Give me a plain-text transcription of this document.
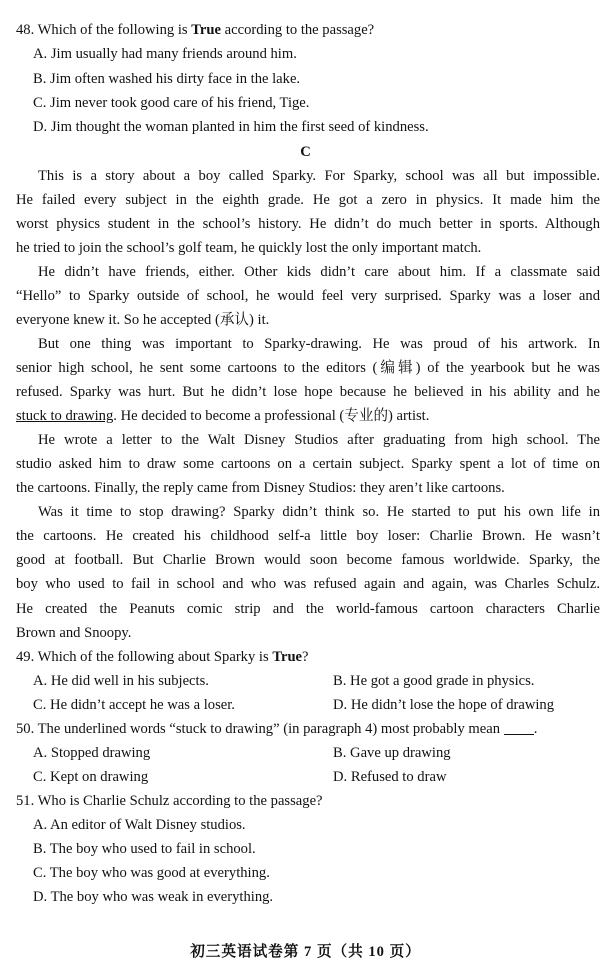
48. Which of the following is True according to the passage?
A. Jim usually had many friends around him.
B. Jim often washed his dirty face in the lake.
C. Jim never took good care of his friend, Tige.
D. Jim thought the woman planted in him the first seed of kindness.
C
This is a story about a boy called Sparky. For Sparky, school was all but impossible.
He failed every subject in the eighth grade. He got a zero in physics. It made him the
worst physics student in the school’s history. He didn’t do much better in sports. Although
he tried to join the school’s golf team, he quickly lost the only important match.
He didn’t have friends, either. Other kids didn’t care about him. If a classmate said
“Hello” to Sparky outside of school, he would feel very surprised. Sparky was a loser and
everyone knew it. So he accepted (承认) it.
But one thing was important to Sparky-drawing. He was proud of his artwork. In
senior high school, he sent some cartoons to the editors (编辑) of the yearbook but he was
refused. Sparky was hurt. But he didn’t lose hope because he believed in his ability and he
stuck to drawing. He decided to become a professional (专业的) artist.
He wrote a letter to the Walt Disney Studios after graduating from high school. The
studio asked him to draw some cartoons on a certain subject. Sparky spent a lot of time on
the cartoons. Finally, the reply came from Disney Studios: they aren’t like cartoons.
Was it time to stop drawing? Sparky didn’t think so. He started to put his own life in
the cartoons. He created his childhood self-a little boy loser: Charlie Brown. He wasn’t
good at football. But Charlie Brown would soon become famous worldwide. Sparky, the
boy who used to fail in school and who was refused again and again, was Charles Schulz.
He created the Peanuts comic strip and the world-famous cartoon characters Charlie
Brown and Snoopy.
49. Which of the following about Sparky is True?
A. He did well in his subjects.	B. He got a good grade in physics.
C. He didn’t accept he was a loser.	D. He didn’t lose the hope of drawing
50. The underlined words “stuck to drawing” (in paragraph 4) most probably mean .
A. Stopped drawing	B. Gave up drawing
C. Kept on drawing	D. Refused to draw
51. Who is Charlie Schulz according to the passage?
A. An editor of Walt Disney studios.
B. The boy who used to fail in school.
C. The boy who was good at everything.
D. The boy who was weak in everything.
初三英语试卷第 7 页（共 10 页）
